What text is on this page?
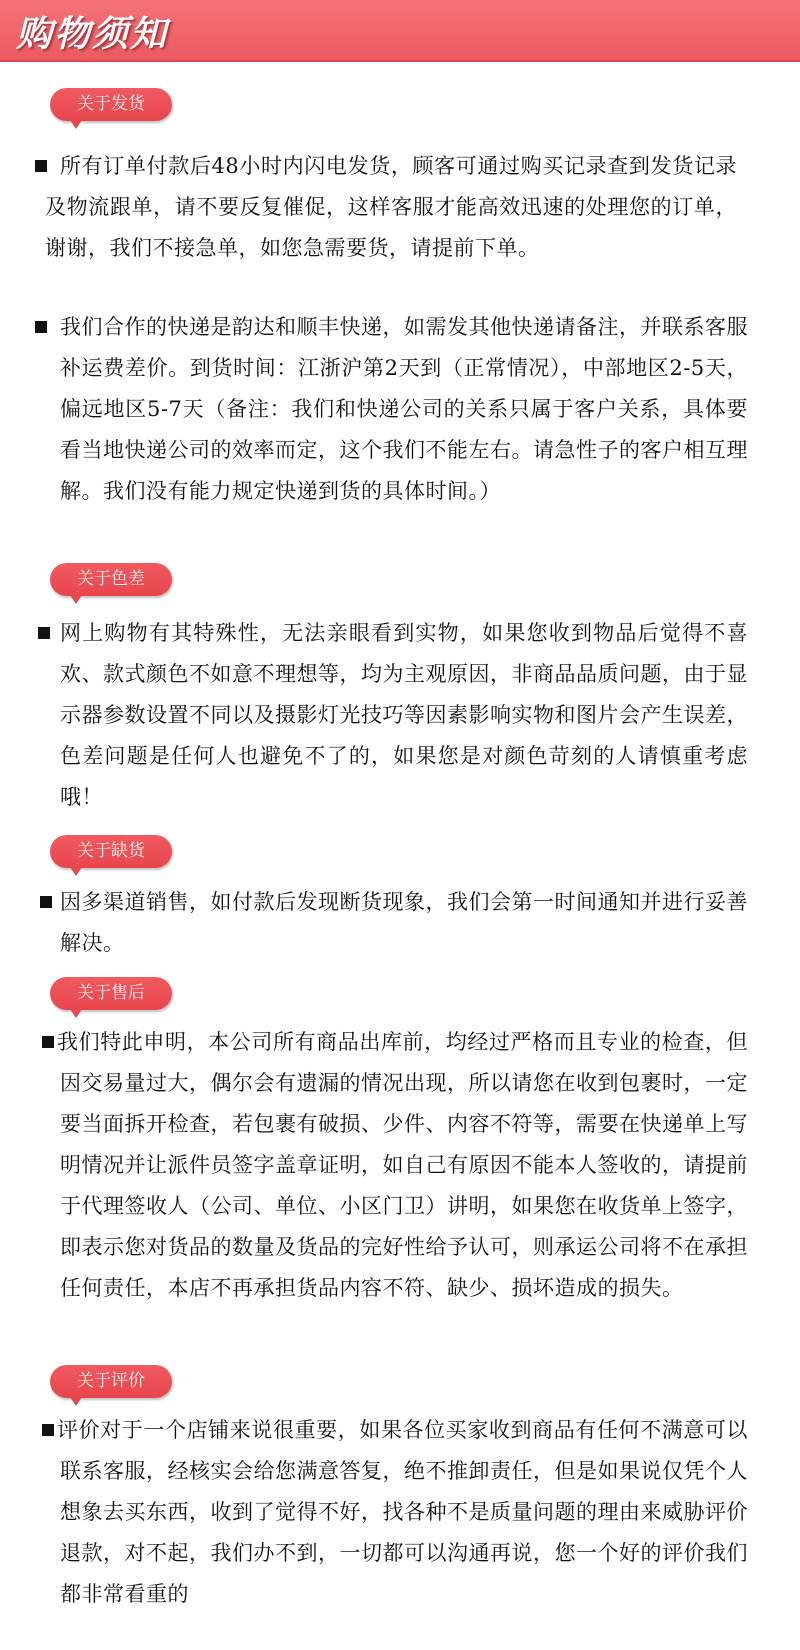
购物须知
关于发货

所有订单付款后48小时内闪电发货，顾客可通过购买记录查到发货记录及物流跟单，请不要反复催促，这样客服才能高效迅速的处理您的订单，谢谢，我们不接急单，如您急需要货，请提前下单。

我们合作的快递是韵达和顺丰快递，如需发其他快递请备注，并联系客服补运费差价。到货时间：江浙沪第2天到（正常情况），中部地区2-5天，偏远地区5-7天（备注：我们和快递公司的关系只属于客户关系，具体要看当地快递公司的效率而定，这个我们不能左右。请急性子的客户相互理解。我们没有能力规定快递到货的具体时间。）

关于色差

网上购物有其特殊性，无法亲眼看到实物，如果您收到物品后觉得不喜欢、款式颜色不如意不理想等，均为主观原因，非商品品质问题，由于显示器参数设置不同以及摄影灯光技巧等因素影响实物和图片会产生误差，色差问题是任何人也避免不了的，如果您是对颜色苛刻的人请慎重考虑哦！

关于缺货

因多渠道销售，如付款后发现断货现象，我们会第一时间通知并进行妥善解决。

关于售后

我们特此申明，本公司所有商品出库前，均经过严格而且专业的检查，但因交易量过大，偶尔会有遗漏的情况出现，所以请您在收到包裹时，一定要当面拆开检查，若包裹有破损、少件、内容不符等，需要在快递单上写明情况并让派件员签字盖章证明，如自己有原因不能本人签收的，请提前于代理签收人（公司、单位、小区门卫）讲明，如果您在收货单上签字，即表示您对货品的数量及货品的完好性给予认可，则承运公司将不在承担任何责任，本店不再承担货品内容不符、缺少、损坏造成的损失。

关于评价

评价对于一个店铺来说很重要，如果各位买家收到商品有任何不满意可以联系客服，经核实会给您满意答复，绝不推卸责任，但是如果说仅凭个人想象去买东西，收到了觉得不好，找各种不是质量问题的理由来威胁评价退款，对不起，我们办不到，一切都可以沟通再说，您一个好的评价我们都非常看重的
